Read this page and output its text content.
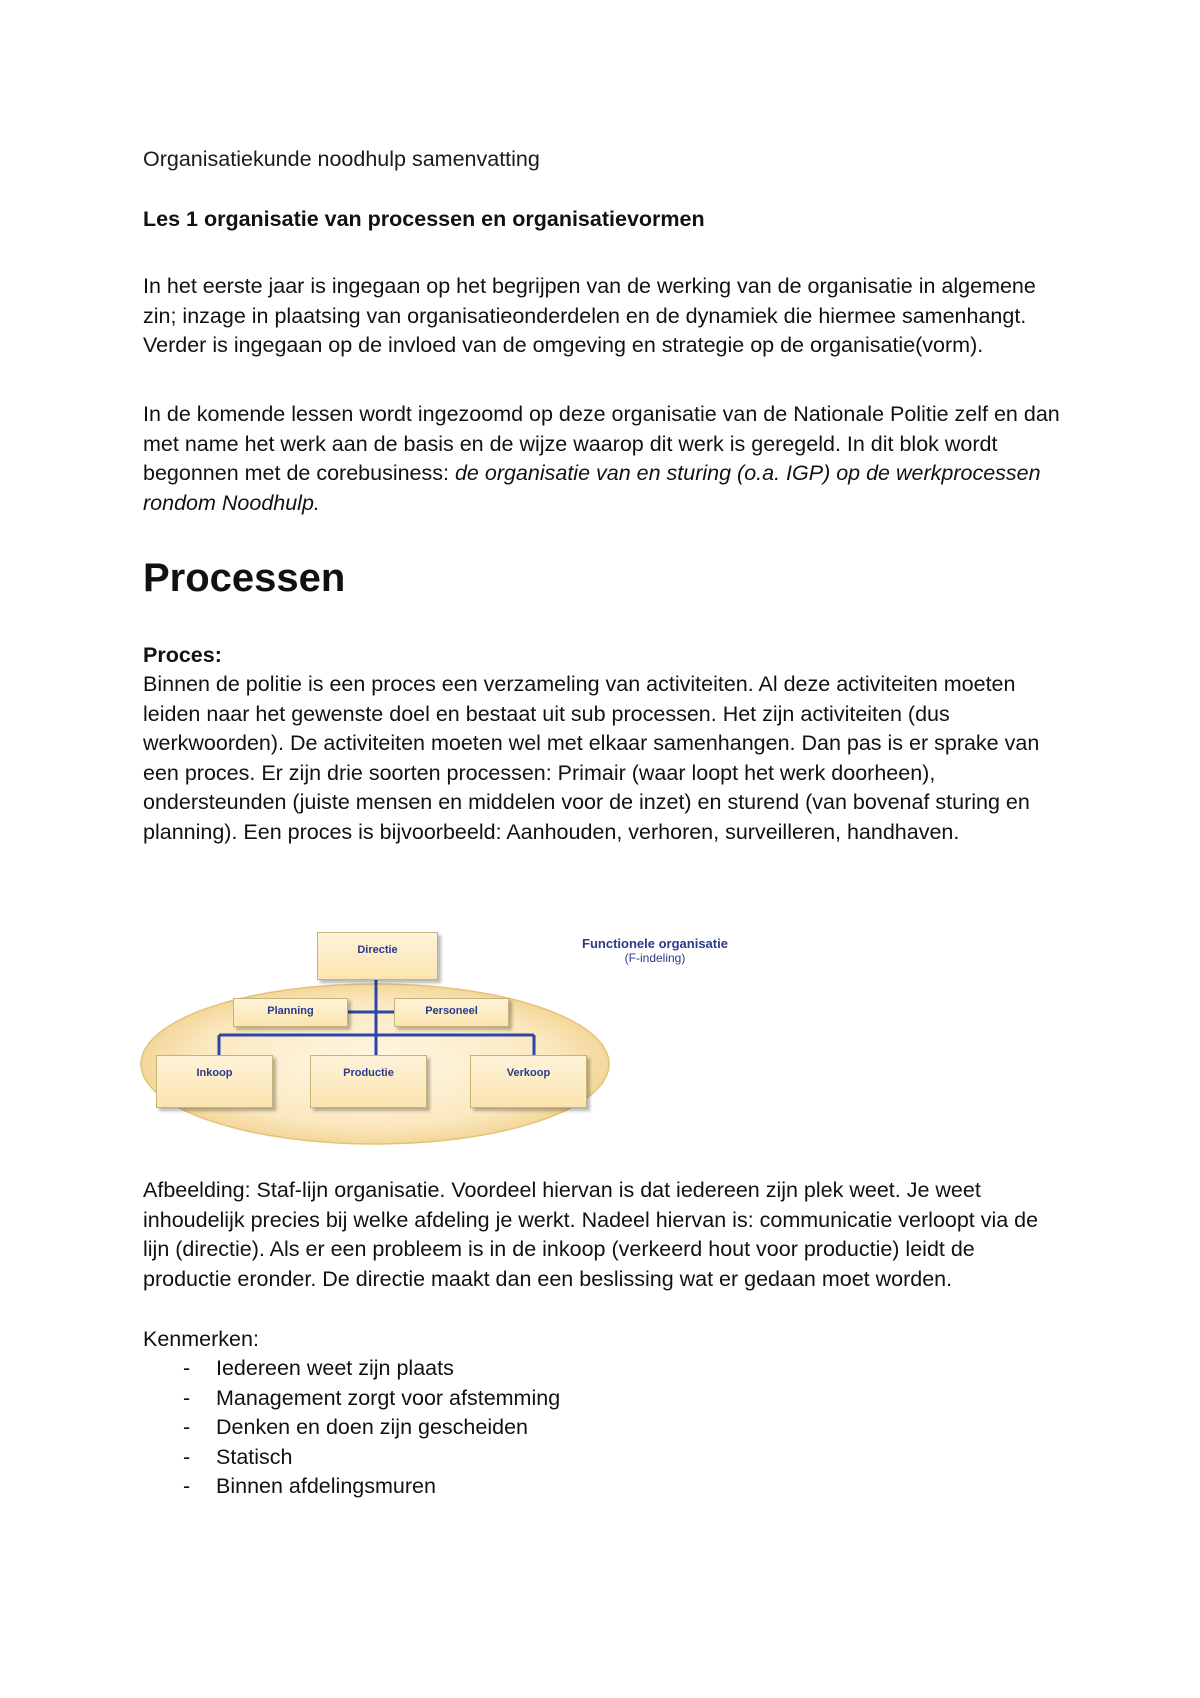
Organisatiekunde noodhulp samenvatting
Les 1 organisatie van processen en organisatievormen
In het eerste jaar is ingegaan op het begrijpen van de werking van de organisatie in algemene zin; inzage in plaatsing van organisatieonderdelen en de dynamiek die hiermee samenhangt. Verder is ingegaan op de invloed van de omgeving en strategie op de organisatie(vorm).
In de komende lessen wordt ingezoomd op deze organisatie van de Nationale Politie zelf en dan met name het werk aan de basis en de wijze waarop dit werk is geregeld. In dit blok wordt begonnen met de corebusiness: de organisatie van en sturing (o.a. IGP) op de werkprocessen rondom Noodhulp.
Processen
Proces:
Binnen de politie is een proces een verzameling van activiteiten. Al deze activiteiten moeten leiden naar het gewenste doel en bestaat uit sub processen. Het zijn activiteiten (dus werkwoorden). De activiteiten moeten wel met elkaar samenhangen. Dan pas is er sprake van een proces. Er zijn drie soorten processen: Primair (waar loopt het werk doorheen), ondersteunden (juiste mensen en middelen voor de inzet) en sturend (van bovenaf sturing en planning). Een proces is bijvoorbeeld: Aanhouden, verhoren, surveilleren, handhaven.
Functionele organisatie
(F-indeling)
Directie
Planning	Personeel
Inkoop	Productie	Verkoop
Afbeelding: Staf-lijn organisatie. Voordeel hiervan is dat iedereen zijn plek weet. Je weet inhoudelijk precies bij welke afdeling je werkt. Nadeel hiervan is: communicatie verloopt via de lijn (directie). Als er een probleem is in de inkoop (verkeerd hout voor productie) leidt de productie eronder. De directie maakt dan een beslissing wat er gedaan moet worden.
Kenmerken:
- Iedereen weet zijn plaats
- Management zorgt voor afstemming
- Denken en doen zijn gescheiden
- Statisch
- Binnen afdelingsmuren
